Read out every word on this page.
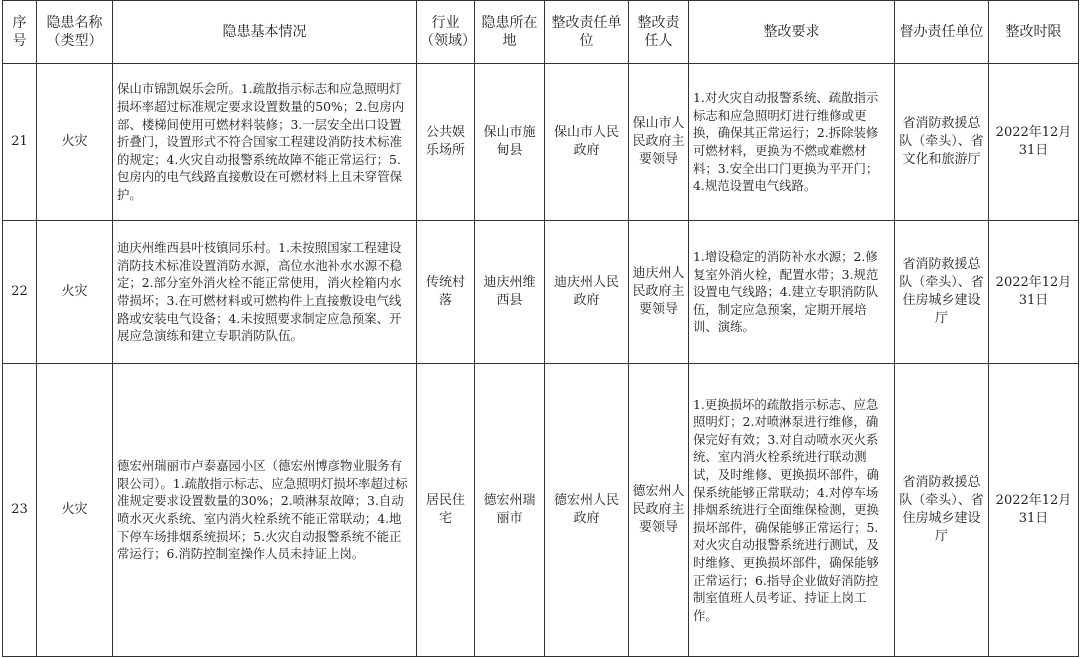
序号	隐患名称（类型）	隐患基本情况	行业（领域）	隐患所在地	整改责任单位	整改责任人	整改要求	督办责任单位	整改时限
21	火灾	保山市锦凯娱乐会所。1.疏散指示标志和应急照明灯损坏率超过标准规定要求设置数量的50%；2.包房内部、楼梯间使用可燃材料装修；3.一层安全出口设置折叠门，设置形式不符合国家工程建设消防技术标准的规定；4.火灾自动报警系统故障不能正常运行；5.包房内的电气线路直接敷设在可燃材料上且未穿管保护。	公共娱乐场所	保山市施甸县	保山市人民政府	保山市人民政府主要领导	1.对火灾自动报警系统、疏散指示标志和应急照明灯进行维修或更换，确保其正常运行；2.拆除装修可燃材料，更换为不燃或难燃材料；3.安全出口门更换为平开门；4.规范设置电气线路。	省消防救援总队（牵头）、省文化和旅游厅	2022年12月31日
22	火灾	迪庆州维西县叶枝镇同乐村。1.未按照国家工程建设消防技术标准设置消防水源，高位水池补水水源不稳定；2.部分室外消火栓不能正常使用，消火栓箱内水带损坏；3.在可燃材料或可燃构件上直接敷设电气线路或安装电气设备；4.未按照要求制定应急预案、开展应急演练和建立专职消防队伍。	传统村落	迪庆州维西县	迪庆州人民政府	迪庆州人民政府主要领导	1.增设稳定的消防补水水源；2.修复室外消火栓，配置水带；3.规范设置电气线路；4.建立专职消防队伍，制定应急预案，定期开展培训、演练。	省消防救援总队（牵头）、省住房城乡建设厅	2022年12月31日
23	火灾	德宏州瑞丽市卢泰嘉园小区（德宏州博彦物业服务有限公司）。1.疏散指示标志、应急照明灯损坏率超过标准规定要求设置数量的30%；2.喷淋泵故障；3.自动喷水灭火系统、室内消火栓系统不能正常联动；4.地下停车场排烟系统损坏；5.火灾自动报警系统不能正常运行；6.消防控制室操作人员未持证上岗。	居民住宅	德宏州瑞丽市	德宏州人民政府	德宏州人民政府主要领导	1.更换损坏的疏散指示标志、应急照明灯；2.对喷淋泵进行维修，确保完好有效；3.对自动喷水灭火系统、室内消火栓系统进行联动测试，及时维修、更换损坏部件，确保系统能够正常联动；4.对停车场排烟系统进行全面维保检测，更换损坏部件，确保能够正常运行；5.对火灾自动报警系统进行测试，及时维修、更换损坏部件，确保能够正常运行；6.指导企业做好消防控制室值班人员考证、持证上岗工作。	省消防救援总队（牵头）、省住房城乡建设厅	2022年12月31日
